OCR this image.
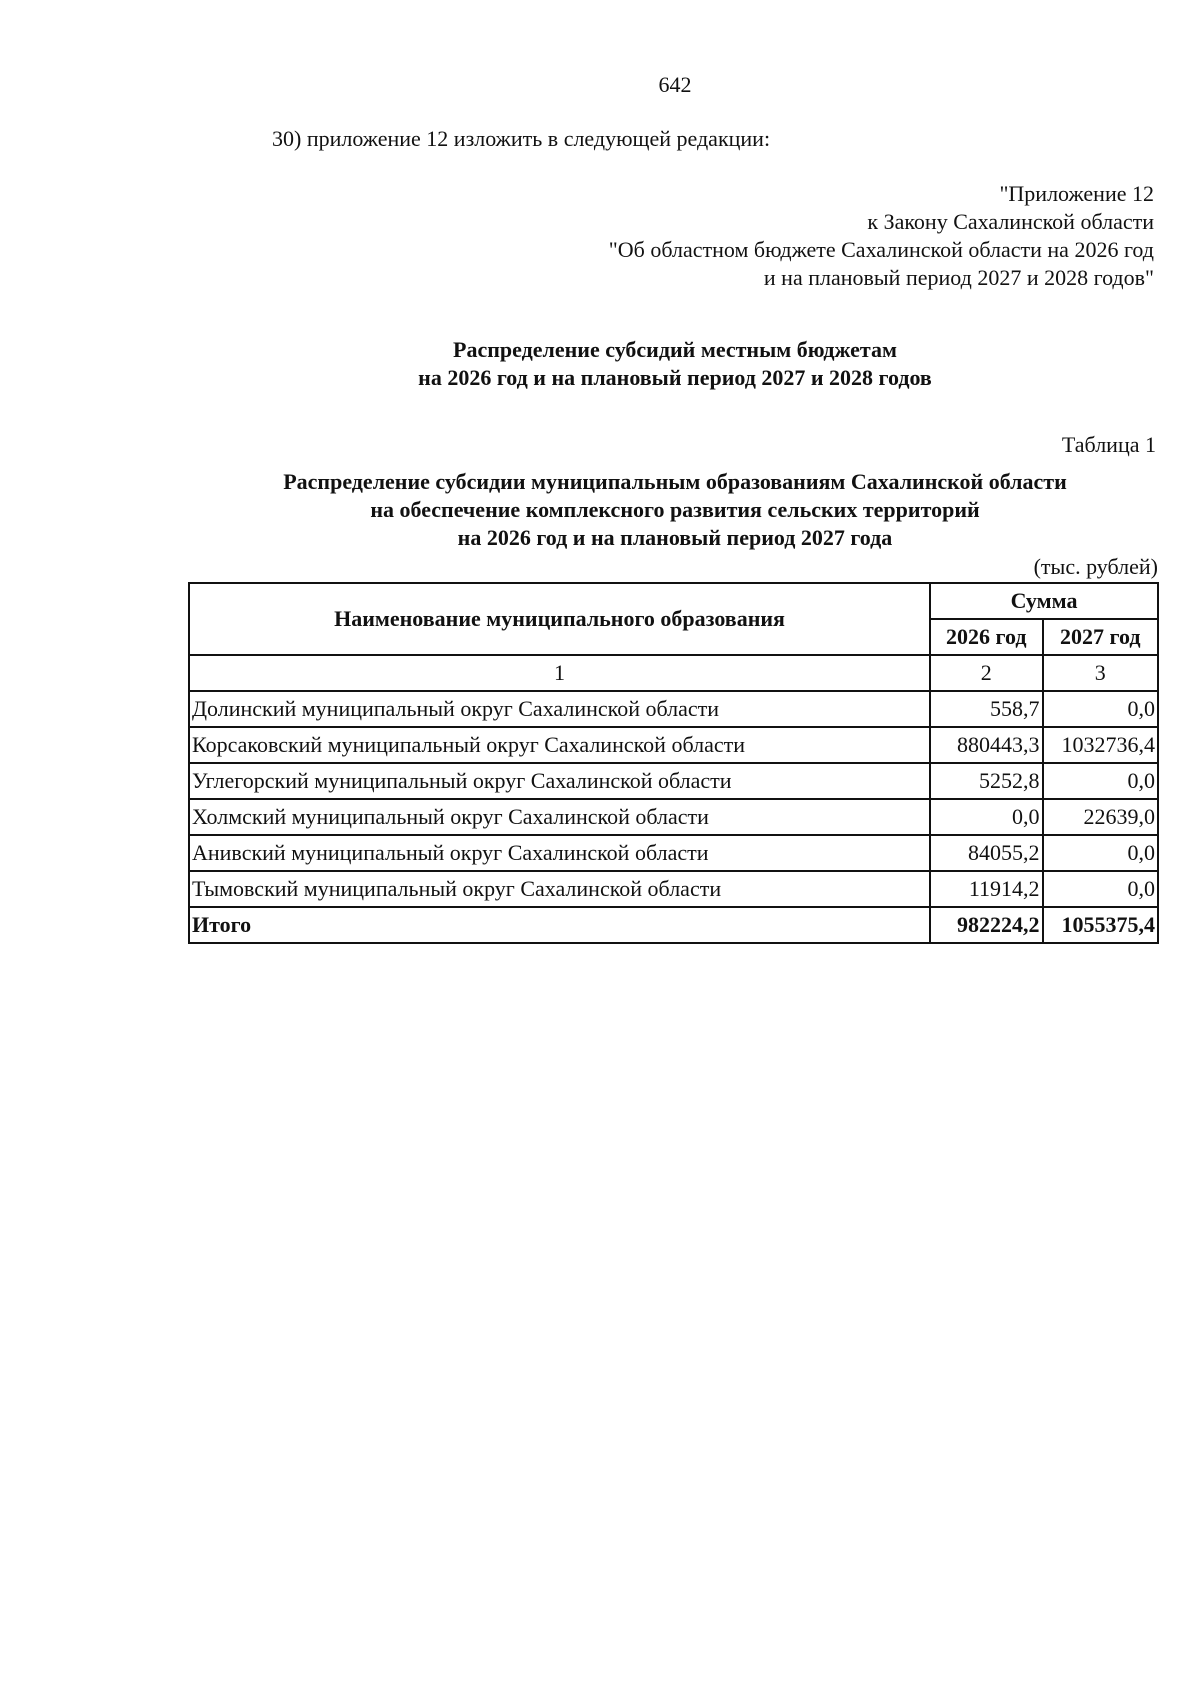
642
30) приложение 12 изложить в следующей редакции:
"Приложение 12
к Закону Сахалинской области
"Об областном бюджете Сахалинской области на 2026 год
и на плановый период 2027 и 2028 годов"
Распределение субсидий местным бюджетам
на 2026 год и на плановый период 2027 и 2028 годов
Таблица 1
Распределение субсидии муниципальным образованиям Сахалинской области
на обеспечение комплексного развития сельских территорий
на 2026 год и на плановый период 2027 года
(тыс. рублей)
Наименование муниципального образования	Сумма	
	2026 год	2027 год
1	2	3
Долинский муниципальный округ Сахалинской области	558,7	0,0
Корсаковский муниципальный округ Сахалинской области	880443,3	1032736,4
Углегорский муниципальный округ Сахалинской области	5252,8	0,0
Холмский муниципальный округ Сахалинской области	0,0	22639,0
Анивский муниципальный округ Сахалинской области	84055,2	0,0
Тымовский муниципальный округ Сахалинской области	11914,2	0,0
Итого	982224,2	1055375,4
